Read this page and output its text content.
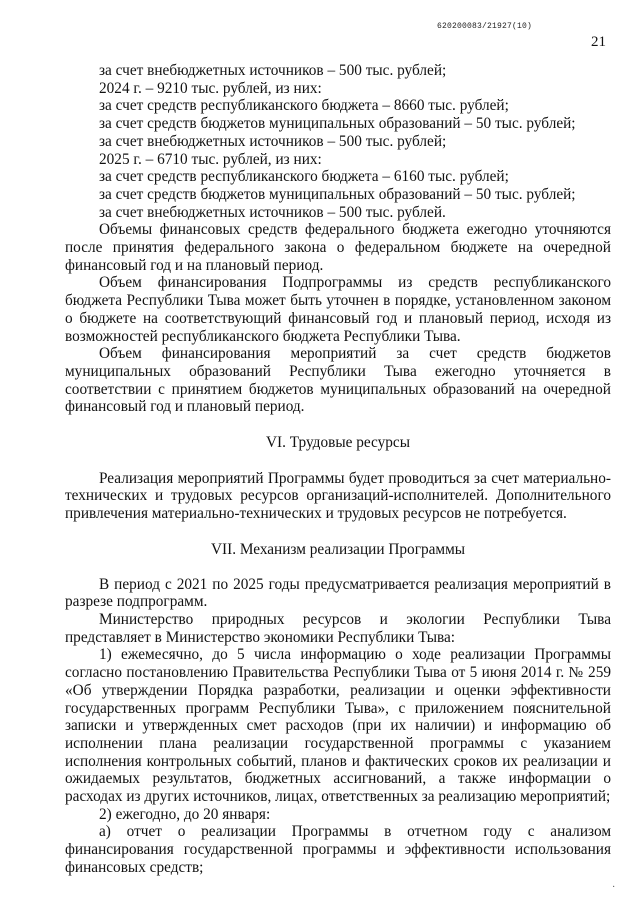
620200083/21927(10)
21

за счет внебюджетных источников – 500 тыс. рублей;

2024 г. – 9210 тыс. рублей, из них:

за счет средств республиканского бюджета – 8660 тыс. рублей;

за счет средств бюджетов муниципальных образований – 50 тыс. рублей;

за счет внебюджетных источников – 500 тыс. рублей;

2025 г. – 6710 тыс. рублей, из них:

за счет средств республиканского бюджета – 6160 тыс. рублей;

за счет средств бюджетов муниципальных образований – 50 тыс. рублей;

за счет внебюджетных источников – 500 тыс. рублей.

Объемы финансовых средств федерального бюджета ежегодно уточняются после принятия федерального закона о федеральном бюджете на очередной финансовый год и на плановый период.

Объем финансирования Подпрограммы из средств республиканского бюджета Республики Тыва может быть уточнен в порядке, установленном законом о бюджете на соответствующий финансовый год и плановый период, исходя из возможностей республиканского бюджета Республики Тыва.

Объем финансирования мероприятий за счет средств бюджетов муниципальных образований Республики Тыва ежегодно уточняется в соответствии с принятием бюджетов муниципальных образований на очередной финансовый год и плановый период.

VI. Трудовые ресурсы

Реализация мероприятий Программы будет проводиться за счет материально-технических и трудовых ресурсов организаций-исполнителей. Дополнительного привлечения материально-технических и трудовых ресурсов не потребуется.

VII. Механизм реализации Программы

В период с 2021 по 2025 годы предусматривается реализация мероприятий в разрезе подпрограмм.

Министерство природных ресурсов и экологии Республики Тыва представляет в Министерство экономики Республики Тыва:

1) ежемесячно, до 5 числа информацию о ходе реализации Программы согласно постановлению Правительства Республики Тыва от 5 июня 2014 г. № 259 «Об утверждении Порядка разработки, реализации и оценки эффективности государственных программ Республики Тыва», с приложением пояснительной записки и утвержденных смет расходов (при их наличии) и информацию об исполнении плана реализации государственной программы с указанием исполнения контрольных событий, планов и фактических сроков их реализации и ожидаемых результатов, бюджетных ассигнований, а также информации о расходах из других источников, лицах, ответственных за реализацию мероприятий;

2) ежегодно, до 20 января:

а) отчет о реализации Программы в отчетном году с анализом финансирования государственной программы и эффективности использования финансовых средств;

·
